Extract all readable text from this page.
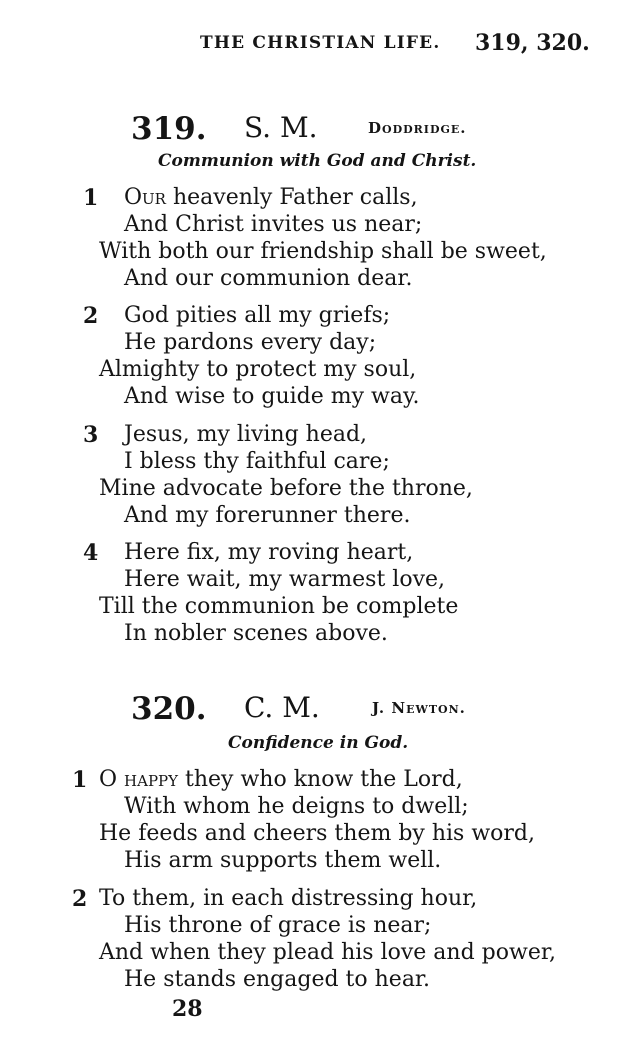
THE CHRISTIAN LIFE. 319, 320.
319. S. M.	Doddridge.
Communion with God and Christ.
1 Our heavenly Father calls,
And Christ invites us near;
With both our friendship shall be sweet,
And our communion dear.
2 God pities all my griefs;
He pardons every day;
Almighty to protect my soul,
And wise to guide my way.
3 Jesus, my living head,
I bless thy faithful care;
Mine advocate before the throne,
And my forerunner there.
4 Here fix, my roving heart,
Here wait, my warmest love,
Till the communion be complete
In nobler scenes above.
320. C. M.	J. Newton.
Confidence in God.
1 O happy they who know the Lord,
With whom he deigns to dwell;
He feeds and cheers them by his word,
His arm supports them well.
2 To them, in each distressing hour,
His throne of grace is near;
And when they plead his love and power,
He stands engaged to hear.
28
